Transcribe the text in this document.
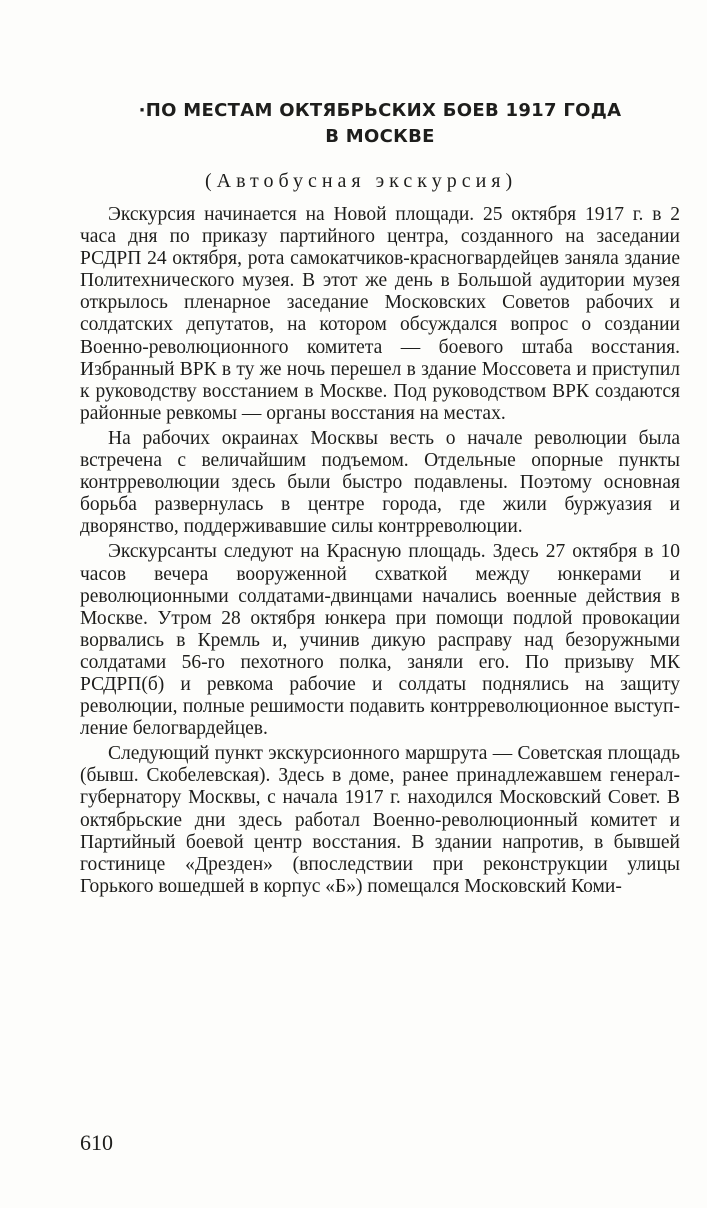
·ПО МЕСТАМ ОКТЯБРЬСКИХ БОЕВ 1917 ГОДА

В МОСКВЕ

(Автобусная экскурсия)

Экскурсия начинается на Новой площади. 25 октября 1917 г. в 2 часа дня по приказу партийного центра, созданного на заседании РСДРП 24 октября, рота самокатчиков-красногвардейцев заняла здание Политехнического музея. В этот же день в Большой аудитории музея открылось пленарное заседание Московских Советов рабочих и солдатских депутатов, на котором обсуждался вопрос о создании Военно-революционного комитета — боевого штаба восстания. Избранный ВРК в ту же ночь перешел в здание Моссовета и приступил к руководству восстанием в Москве. Под руководством ВРК создаются районные ревкомы — органы восстания на местах.

На рабочих окраинах Москвы весть о начале революции была встречена с величайшим подъемом. Отдельные опорные пункты контрреволюции здесь были быстро подавлены. Поэтому основная борьба развернулась в центре города, где жили буржуазия и дворянство, поддерживавшие силы контрреволюции.

Экскурсанты следуют на Красную площадь. Здесь 27 октября в 10 часов вечера вооруженной схваткой между юнкерами и революционными солдатами-двинцами начались военные действия в Москве. Утром 28 октября юнкера при помощи подлой провокации ворвались в Кремль и, учинив дикую расправу над безоружными солдатами 56-го пехотного полка, заняли его. По призыву МК РСДРП(б) и ревкома рабочие и солдаты поднялись на защиту революции, полные решимости подавить контрреволюционное выступление белогвардейцев.

Следующий пункт экскурсионного маршрута — Советская площадь (бывш. Скобелевская). Здесь в доме, ранее принадлежавшем генерал-губернатору Москвы, с начала 1917 г. находился Московский Совет. В октябрьские дни здесь работал Военно-революционный комитет и Партийный боевой центр восстания. В здании напротив, в бывшей гостинице «Дрезден» (впоследствии при реконструкции улицы Горького вошедшей в корпус «Б») помещался Московский Коми-

610
